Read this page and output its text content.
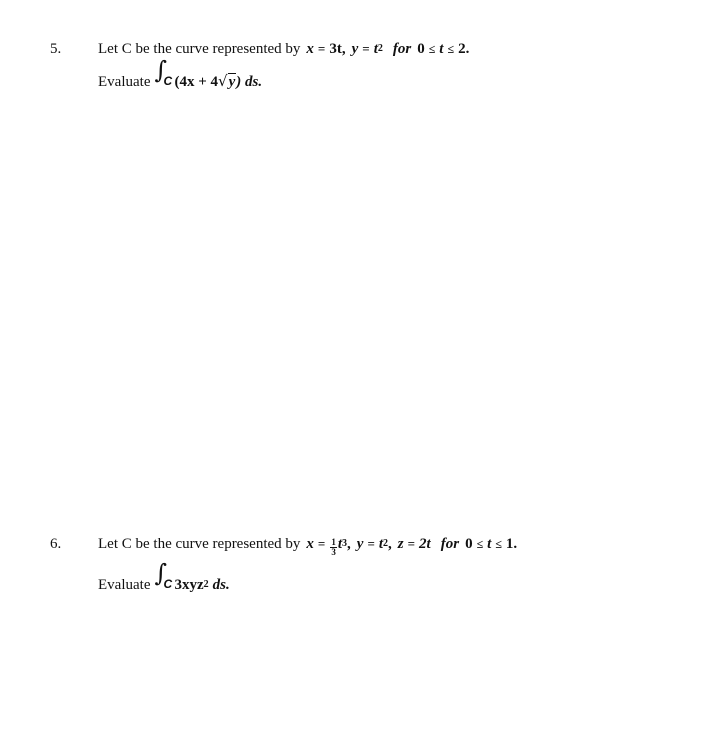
5. Let C be the curve represented by x = 3t, $y = t^2$ for 0 ≤ t ≤ 2.
Evaluate ∫
C (4x + 4 √y ) ds.
6. Let C be the curve represented by $x = \frac{1}{3} t^3$ , $y = t^2$ , z = 2t for 0 ≤ t ≤ 1.
Evaluate ∫
C 3xyz$^2$ ds.
